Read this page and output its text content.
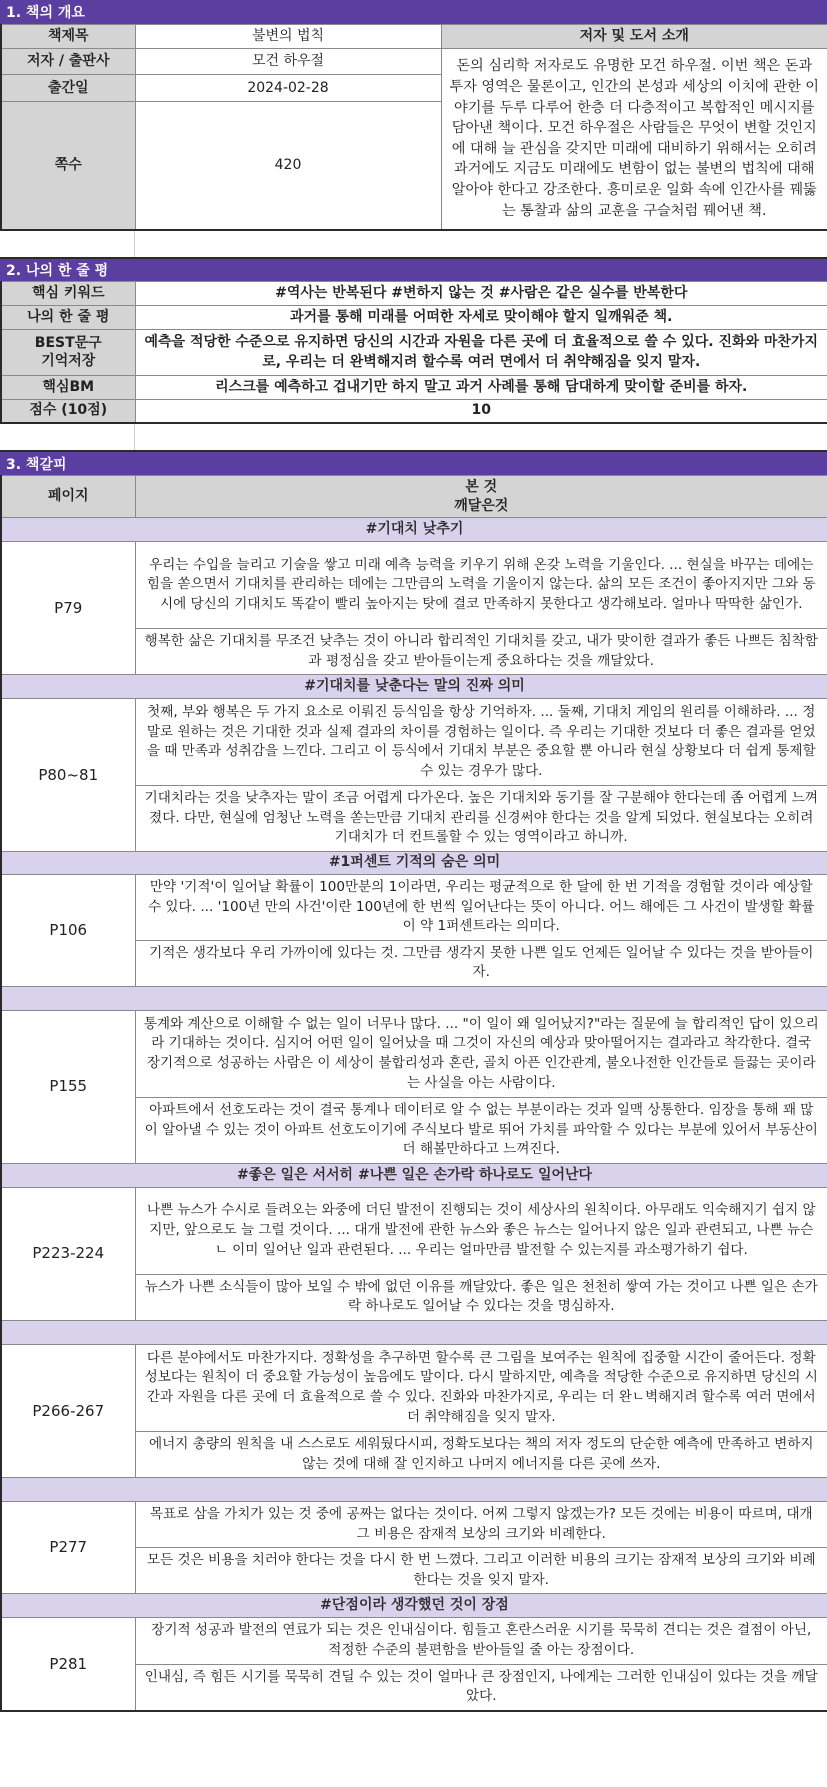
1. 책의 개요
책제목	불변의 법칙	저자 및 도서 소개
저자 / 출판사	모건 하우절	돈의 심리학 저자로도 유명한 모건 하우절. 이번 책은 돈과 투자 영역은 물론이고, 인간의 본성과 세상의 이치에 관한 이야기를 두루 다루어 한층 더 다층적이고 복합적인 메시지를 담아낸 책이다. 모건 하우절은 사람들은 무엇이 변할 것인지에 대해 늘 관심을 갖지만 미래에 대비하기 위해서는 오히려 과거에도 지금도 미래에도 변함이 없는 불변의 법칙에 대해 알아야 한다고 강조한다. 흥미로운 일화 속에 인간사를 꿰뚫는 통찰과 삶의 교훈을 구슬처럼 꿰어낸 책.
출간일	2024-02-28	
쪽수	420	
2. 나의 한 줄 평
핵심 키워드	#역사는 반복된다 #변하지 않는 것 #사람은 같은 실수를 반복한다
나의 한 줄 평	과거를 통해 미래를 어떠한 자세로 맞이해야 할지 일깨워준 책.

BEST문구
기억저장	예측을 적당한 수준으로 유지하면 당신의 시간과 자원을 다른 곳에 더 효율적으로 쓸 수 있다. 진화와 마찬가지로, 우리는 더 완벽해지려 할수록 여러 면에서 더 취약해짐을 잊지 말자.
핵심BM	리스크를 예측하고 겁내기만 하지 말고 과거 사례를 통해 담대하게 맞이할 준비를 하자.
점수 (10점)	10
3. 책갈피
페이지	본 것
깨달은것

#기대치 낮추기	
P79	우리는 수입을 늘리고 기술을 쌓고 미래 예측 능력을 키우기 위해 온갖 노력을 기울인다. ... 현실을 바꾸는 데에는 힘을 쏟으면서 기대치를 관리하는 데에는 그만큼의 노력을 기울이지 않는다. 삶의 모든 조건이 좋아지지만 그와 동시에 당신의 기대치도 똑같이 빨리 높아지는 탓에 결코 만족하지 못한다고 생각해보라. 얼마나 딱딱한 삶인가.
	행복한 삶은 기대치를 무조건 낮추는 것이 아니라 합리적인 기대치를 갖고, 내가 맞이한 결과가 좋든 나쁘든 침착함과 평정심을 갖고 받아들이는게 중요하다는 것을 깨달았다.
#기대치를 낮춘다는 말의 진짜 의미	
P80~81	첫째, 부와 행복은 두 가지 요소로 이뤄진 등식임을 항상 기억하자. ... 둘째, 기대치 게임의 원리를 이해하라. ... 정말로 원하는 것은 기대한 것과 실제 결과의 차이를 경험하는 일이다. 즉 우리는 기대한 것보다 더 좋은 결과를 얻었을 때 만족과 성취감을 느낀다. 그리고 이 등식에서 기대치 부분은 중요할 뿐 아니라 현실 상황보다 더 쉽게 통제할 수 있는 경우가 많다.
	기대치라는 것을 낮추자는 말이 조금 어렵게 다가온다. 높은 기대치와 동기를 잘 구분해야 한다는데 좀 어렵게 느껴졌다. 다만, 현실에 엄청난 노력을 쏟는만큼 기대치 관리를 신경써야 한다는 것을 알게 되었다. 현실보다는 오히려 기대치가 더 컨트롤할 수 있는 영역이라고 하니까.
#1퍼센트 기적의 숨은 의미	
P106	만약 '기적'이 일어날 확률이 100만분의 1이라면, 우리는 평균적으로 한 달에 한 번 기적을 경험할 것이라 예상할 수 있다. ... '100년 만의 사건'이란 100년에 한 번씩 일어난다는 뜻이 아니다. 어느 해에든 그 사건이 발생할 확률이 약 1퍼센트라는 의미다.
	기적은 생각보다 우리 가까이에 있다는 것. 그만큼 생각지 못한 나쁜 일도 언제든 일어날 수 있다는 것을 받아들이자.

P155	통계와 계산으로 이해할 수 없는 일이 너무나 많다. ... "이 일이 왜 일어났지?"라는 질문에 늘 합리적인 답이 있으리라 기대하는 것이다. 심지어 어떤 일이 일어났을 때 그것이 자신의 예상과 맞아떨어지는 결과라고 착각한다. 결국 장기적으로 성공하는 사람은 이 세상이 불합리성과 혼란, 골치 아픈 인간관계, 불오나전한 인간들로 들끓는 곳이라는 사실을 아는 사람이다.
	아파트에서 선호도라는 것이 결국 통계나 데이터로 알 수 없는 부분이라는 것과 일맥 상통한다. 임장을 통해 꽤 많이 알아낼 수 있는 것이 아파트 선호도이기에 주식보다 발로 뛰어 가치를 파악할 수 있다는 부분에 있어서 부동산이 더 해볼만하다고 느껴진다.
#좋은 일은 서서히 #나쁜 일은 손가락 하나로도 일어난다	
P223-224	나쁜 뉴스가 수시로 들려오는 와중에 더딘 발전이 진행되는 것이 세상사의 원칙이다. 아무래도 익숙해지기 쉽지 않지만, 앞으로도 늘 그럴 것이다. ... 대개 발전에 관한 뉴스와 좋은 뉴스는 일어나지 않은 일과 관련되고, 나쁜 뉴슨ㄴ 이미 일어난 일과 관련된다. ... 우리는 얼마만큼 발전할 수 있는지를 과소평가하기 쉽다.
	뉴스가 나쁜 소식들이 많아 보일 수 밖에 없던 이유를 깨달았다. 좋은 일은 천천히 쌓여 가는 것이고 나쁜 일은 손가락 하나로도 일어날 수 있다는 것을 명심하자.

P266-267	다른 분야에서도 마찬가지다. 정확성을 추구하면 할수록 큰 그림을 보여주는 원칙에 집중할 시간이 줄어든다. 정확성보다는 원칙이 더 중요할 가능성이 높음에도 말이다. 다시 말하지만, 예측을 적당한 수준으로 유지하면 당신의 시간과 자원을 다른 곳에 더 효율적으로 쓸 수 있다. 진화와 마찬가지로, 우리는 더 완ㄴ벽해지려 할수록 여러 면에서 더 취약해짐을 잊지 말자.
	에너지 총량의 원칙을 내 스스로도 세워뒀다시피, 정확도보다는 책의 저자 정도의 단순한 예측에 만족하고 변하지 않는 것에 대해 잘 인지하고 나머지 에너지를 다른 곳에 쓰자.

P277	목표로 삼을 가치가 있는 것 중에 공짜는 없다는 것이다. 어찌 그렇지 않겠는가? 모든 것에는 비용이 따르며, 대개 그 비용은 잠재적 보상의 크기와 비례한다.
	모든 것은 비용을 치러야 한다는 것을 다시 한 번 느꼈다. 그리고 이러한 비용의 크기는 잠재적 보상의 크기와 비례한다는 것을 잊지 말자.
#단점이라 생각했던 것이 장점	
P281	장기적 성공과 발전의 연료가 되는 것은 인내심이다. 힘들고 혼란스러운 시기를 묵묵히 견디는 것은 결점이 아닌, 적정한 수준의 불편함을 받아들일 줄 아는 장점이다.
	인내심, 즉 힘든 시기를 묵묵히 견딜 수 있는 것이 얼마나 큰 장점인지, 나에게는 그러한 인내심이 있다는 것을 깨달았다.
